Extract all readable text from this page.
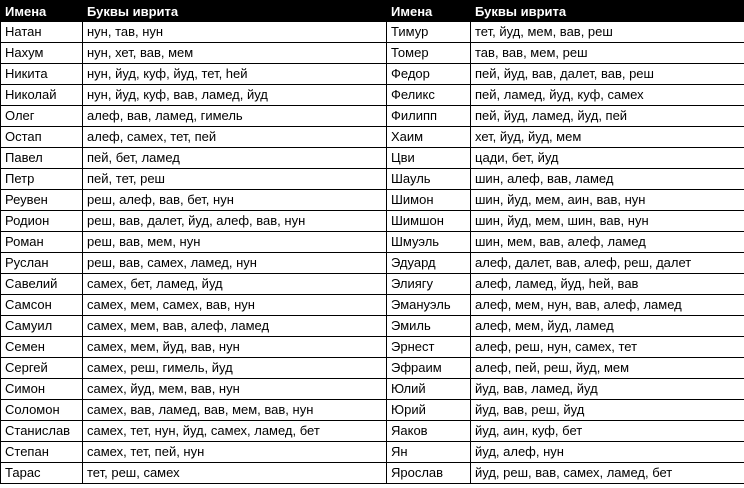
Имена	Буквы иврита	Имена	Буквы иврита
Натан	нун, тав, нун	Тимур	тет, йуд, мем, вав, реш
Нахум	нун, хет, вав, мем	Томер	тав, вав, мем, реш
Никита	нун, йуд, куф, йуд, тет, hей	Федор	пей, йуд, вав, далет, вав, реш
Николай	нун, йуд, куф, вав, ламед, йуд	Феликс	пей, ламед, йуд, куф, самех
Олег	алеф, вав, ламед, гимель	Филипп	пей, йуд, ламед, йуд, пей
Остап	алеф, самех, тет, пей	Хаим	хет, йуд, йуд, мем
Павел	пей, бет, ламед	Цви	цади, бет, йуд
Петр	пей, тет, реш	Шауль	шин, алеф, вав, ламед
Реувен	реш, алеф, вав, бет, нун	Шимон	шин, йуд, мем, аин, вав, нун
Родион	реш, вав, далет, йуд, алеф, вав, нун	Шимшон	шин, йуд, мем, шин, вав, нун
Роман	реш, вав, мем, нун	Шмуэль	шин, мем, вав, алеф, ламед
Руслан	реш, вав, самех, ламед, нун	Эдуард	алеф, далет, вав, алеф, реш, далет
Савелий	самех, бет, ламед, йуд	Элиягу	алеф, ламед, йуд, hей, вав
Самсон	самех, мем, самех, вав, нун	Эмануэль	алеф, мем, нун, вав, алеф, ламед
Самуил	самех, мем, вав, алеф, ламед	Эмиль	алеф, мем, йуд, ламед
Семен	самех, мем, йуд, вав, нун	Эрнест	алеф, реш, нун, самех, тет
Сергей	самех, реш, гимель, йуд	Эфраим	алеф, пей, реш, йуд, мем
Симон	самех, йуд, мем, вав, нун	Юлий	йуд, вав, ламед, йуд
Соломон	самех, вав, ламед, вав, мем, вав, нун	Юрий	йуд, вав, реш, йуд
Станислав	самех, тет, нун, йуд, самех, ламед, бет	Яаков	йуд, аин, куф, бет
Степан	самех, тет, пей, нун	Ян	йуд, алеф, нун
Тарас	тет, реш, самех	Ярослав	йуд, реш, вав, самех, ламед, бет
